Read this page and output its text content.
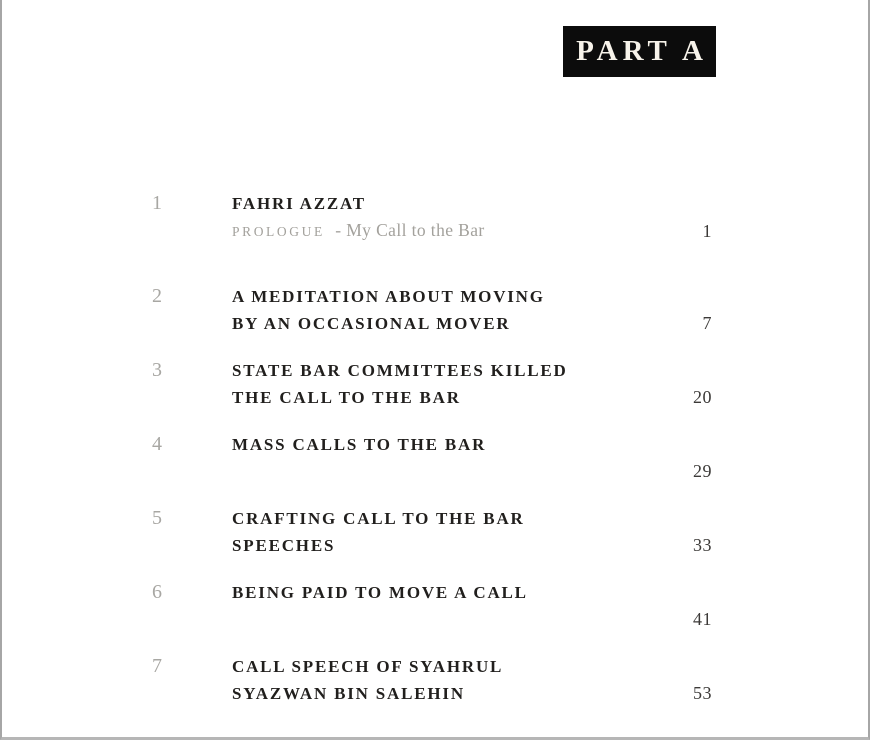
PART A
1	FAHRI AZZAT
PROLOGUE - My Call to the Bar	1
2	A MEDITATION ABOUT MOVING
BY AN OCCASIONAL MOVER	7
3	STATE BAR COMMITTEES KILLED
THE CALL TO THE BAR	20
4	MASS CALLS TO THE BAR
29
5	CRAFTING CALL TO THE BAR
SPEECHES	33
6	BEING PAID TO MOVE A CALL
41
7	CALL SPEECH OF SYAHRUL
SYAZWAN BIN SALEHIN	53
